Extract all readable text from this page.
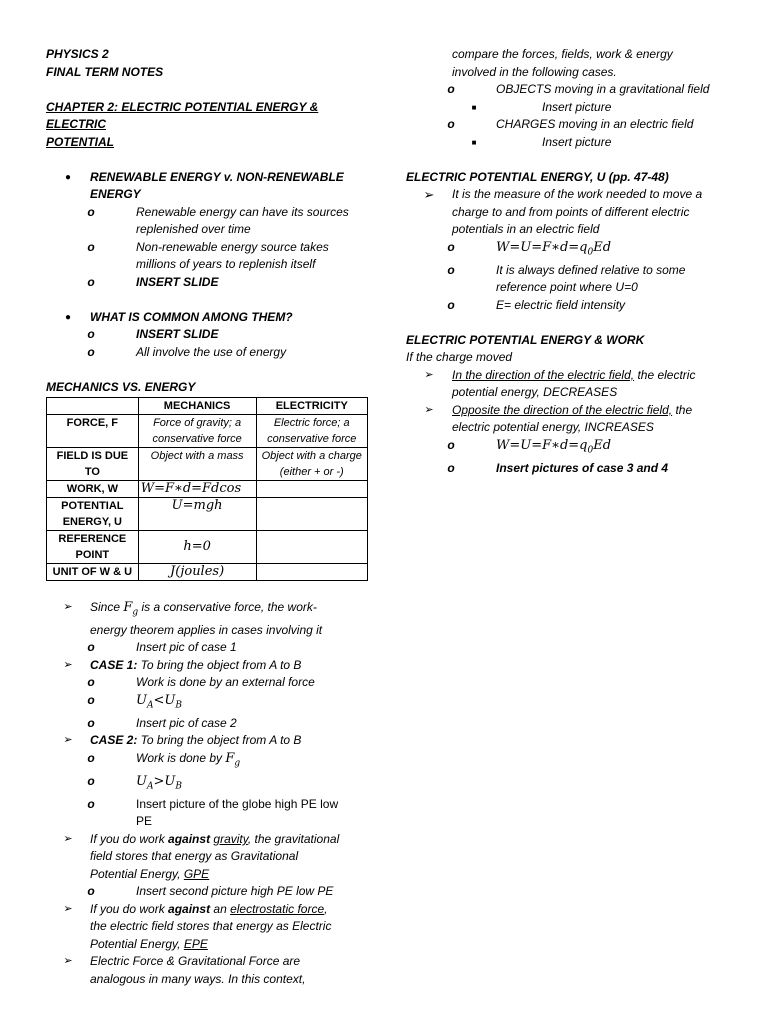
PHYSICS 2
FINAL TERM NOTES
CHAPTER 2: ELECTRIC POTENTIAL ENERGY & ELECTRIC
POTENTIAL
●	RENEWABLE ENERGY v. NON-RENEWABLE
ENERGY
o	Renewable energy can have its sources
replenished over time
o	Non-renewable energy source takes
millions of years to replenish itself
o	INSERT SLIDE
●	WHAT IS COMMON AMONG THEM?
o	INSERT SLIDE
o	All involve the use of energy
MECHANICS VS. ENERGY
	MECHANICS	ELECTRICITY
FORCE, F	Force of gravity; a conservative force	Electric force; a conservative force
FIELD IS DUE TO	Object with a mass	Object with a charge (either + or -)
WORK, W	W=F∗d=Fdcos	
POTENTIAL ENERGY, U	U=mgh	
REFERENCE POINT	h=0	
UNIT OF W & U	J(joules)	
➢	Since $F_g$ is a conservative force, the work-
energy theorem applies in cases involving it
o	Insert pic of case 1
➢	CASE 1: To bring the object from A to B
o	Work is done by an external force
o	$U_A<U_B$
o	Insert pic of case 2
➢	CASE 2: To bring the object from A to B
o	Work is done by $F_g$
o	$U_A>U_B$
o	Insert picture of the globe high PE low
PE
➢	If you do work against gravity, the gravitational
field stores that energy as Gravitational
Potential Energy, GPE
o	Insert second picture high PE low PE
➢	If you do work against an electrostatic force,
the electric field stores that energy as Electric
Potential Energy, EPE
➢	Electric Force & Gravitational Force are
analogous in many ways. In this context,
compare the forces, fields, work & energy
involved in the following cases.
o	OBJECTS moving in a gravitational field
■	Insert picture
o	CHARGES moving in an electric field
■	Insert picture
ELECTRIC POTENTIAL ENERGY, U (pp. 47-48)
➢	It is the measure of the work needed to move a
charge to and from points of different electric
potentials in an electric field
o	$W=U=F∗d=q_0Ed$
o	It is always defined relative to some
reference point where U=0
o	E= electric field intensity
ELECTRIC POTENTIAL ENERGY & WORK
If the charge moved
➢	In the direction of the electric field, the electric
potential energy, DECREASES
➢	Opposite the direction of the electric field, the
electric potential energy, INCREASES
o	$W=U=F∗d=q_0Ed$
o	Insert pictures of case 3 and 4
